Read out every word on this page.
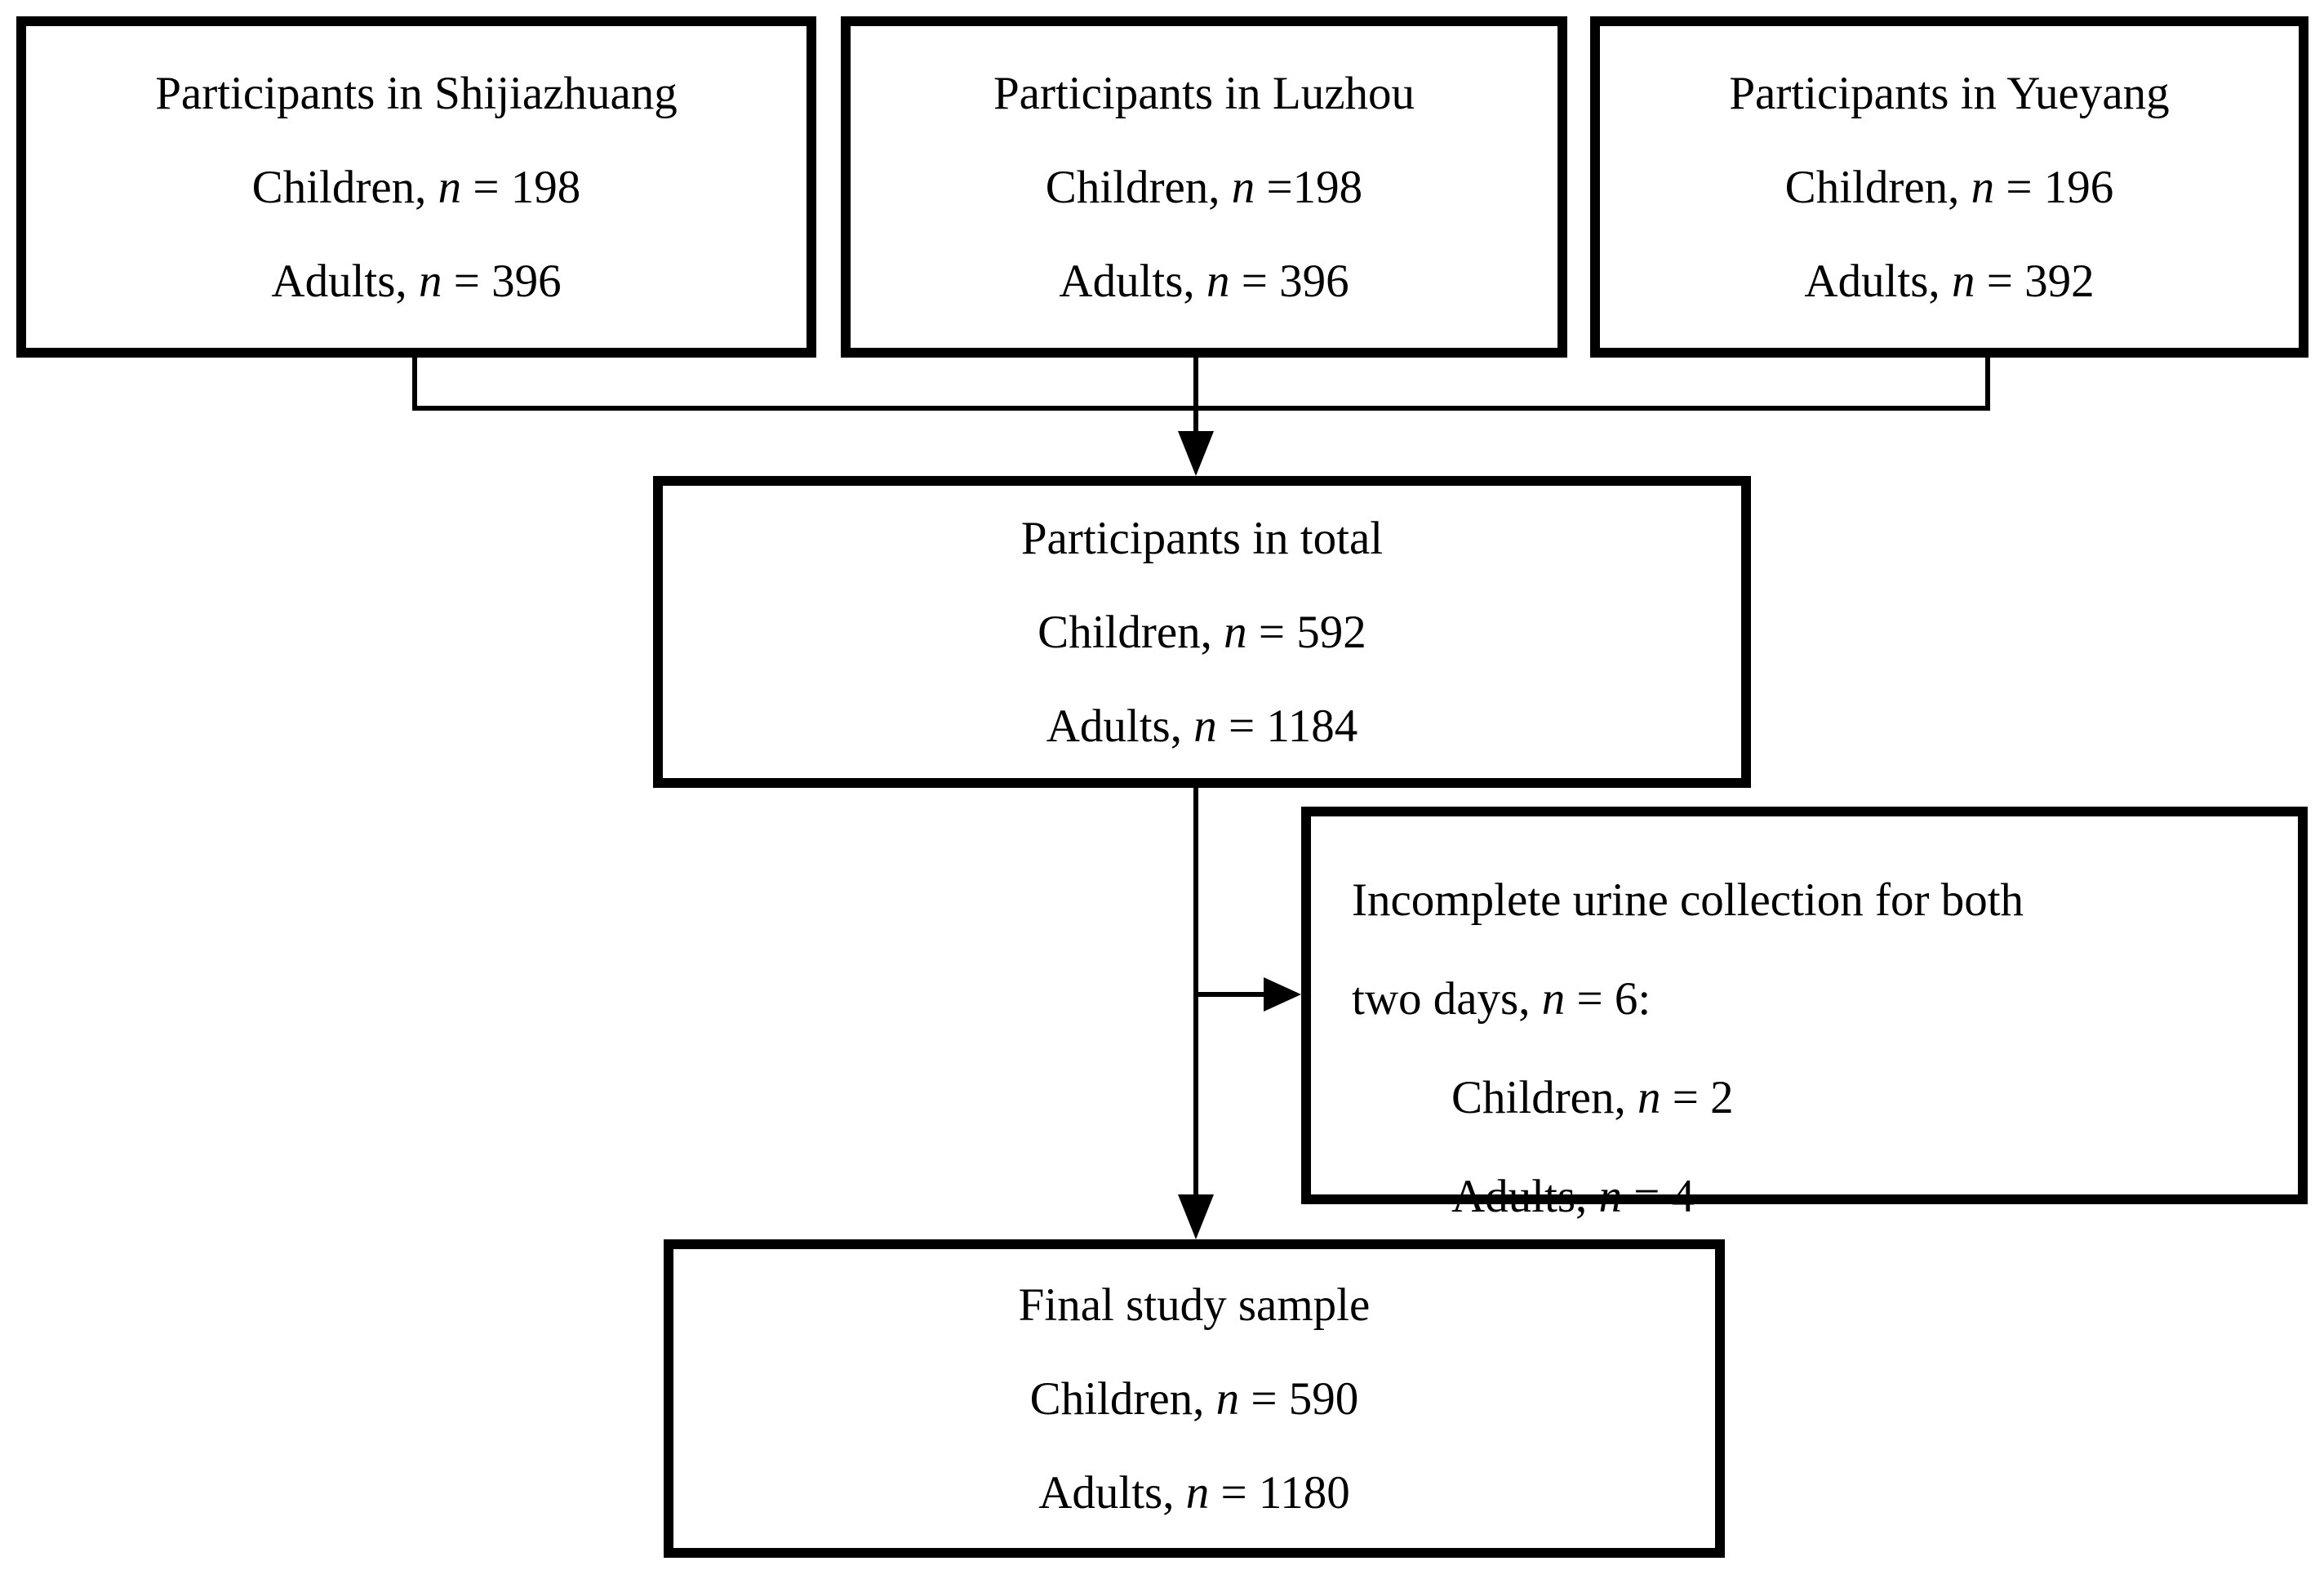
Participants in Shijiazhuang
Children, n = 198
Adults, n = 396
Participants in Luzhou
Children, n =198
Adults, n = 396
Participants in Yueyang
Children, n = 196
Adults, n = 392
Participants in total
Children, n = 592
Adults, n = 1184
Incomplete urine collection for both
two days, n = 6:
Children, n = 2
Adults, n = 4
Final study sample
Children, n = 590
Adults, n = 1180
